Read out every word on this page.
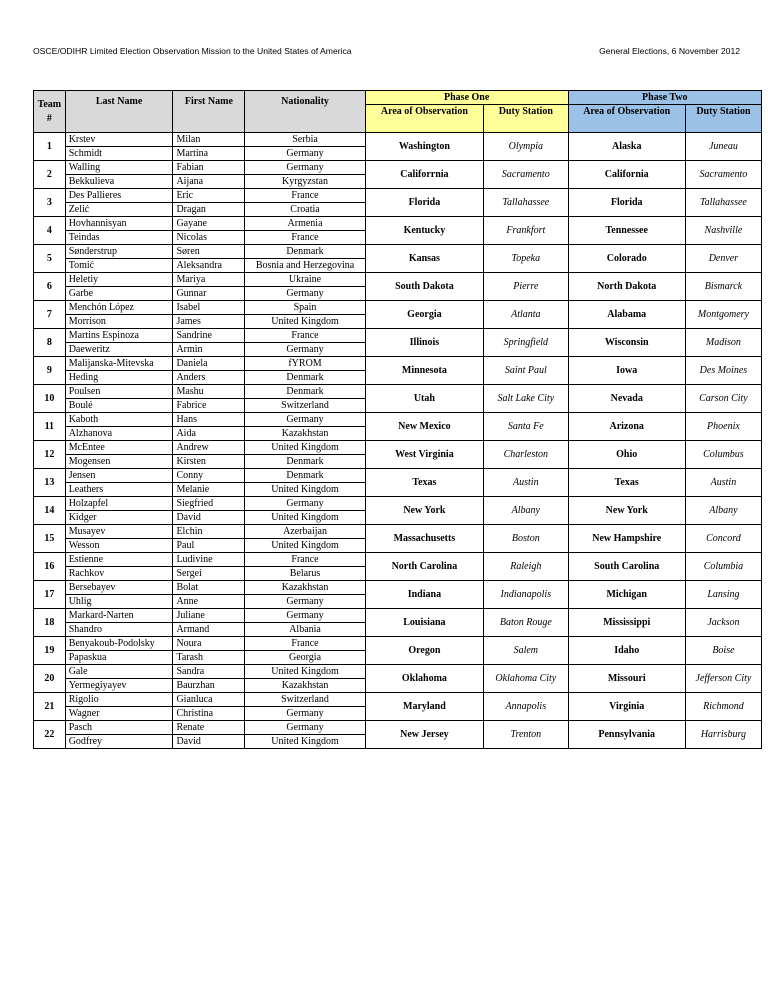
OSCE/ODIHR Limited Election Observation Mission to the United States of America	General Elections, 6 November 2012
Team #	Last Name	First Name	Nationality	Phase One		Phase Two	
				Area of Observation	Duty Station	Area of Observation	Duty Station
1	Krstev	Milan	Serbia	Washington	Olympia	Alaska	Juneau
	Schmidt	Martina	Germany				
2	Walling	Fabian	Germany	Califorrnia	Sacramento	California	Sacramento
	Bekkulieva	Aijana	Kyrgyzstan				
3	Des Pallieres	Eric	France	Florida	Tallahassee	Florida	Tallahassee
	Zelić	Dragan	Croatia				
4	Hovhannisyan	Gayane	Armenia	Kentucky	Frankfort	Tennessee	Nashville
	Teindas	Nicolas	France				
5	Sønderstrup	Søren	Denmark	Kansas	Topeka	Colorado	Denver
	Tomić	Aleksandra	Bosnia and Herzegovina				
6	Heletiy	Mariya	Ukraine	South Dakota	Pierre	North Dakota	Bismarck
	Garbe	Gunnar	Germany				
7	Menchón López	Isabel	Spain	Georgia	Atlanta	Alabama	Montgomery
	Morrison	James	United Kingdom				
8	Martins Espinoza	Sandrine	France	Illinois	Springfield	Wisconsin	Madison
	Daeweritz	Armin	Germany				
9	Malijanska-Mitevska	Daniela	fYROM	Minnesota	Saint Paul	Iowa	Des Moines
	Heding	Anders	Denmark				
10	Poulsen	Mashu	Denmark	Utah	Salt Lake City	Nevada	Carson City
	Boulé	Fabrice	Switzerland				
11	Kaboth	Hans	Germany	New Mexico	Santa Fe	Arizona	Phoenix
	Alzhanova	Aida	Kazakhstan				
12	McEntee	Andrew	United Kingdom	West Virginia	Charleston	Ohio	Columbus
	Mogensen	Kirsten	Denmark				
13	Jensen	Conny	Denmark	Texas	Austin	Texas	Austin
	Leathers	Melanie	United Kingdom				
14	Holzapfel	Siegfried	Germany	New York	Albany	New York	Albany
	Kidger	David	United Kingdom				
15	Musayev	Elchin	Azerbaijan	Massachusetts	Boston	New Hampshire	Concord
	Wesson	Paul	United Kingdom				
16	Estienne	Ludivine	France	North Carolina	Raleigh	South Carolina	Columbia
	Rachkov	Sergei	Belarus				
17	Bersebayev	Bolat	Kazakhstan	Indiana	Indianapolis	Michigan	Lansing
	Uhlig	Anne	Germany				
18	Markard-Narten	Juliane	Germany	Louisiana	Baton Rouge	Mississippi	Jackson
	Shandro	Armand	Albania				
19	Benyakoub-Podolsky	Noura	France	Oregon	Salem	Idaho	Boise
	Papaskua	Tarash	Georgia				
20	Gale	Sandra	United Kingdom	Oklahoma	Oklahoma City	Missouri	Jefferson City
	Yermegiyayev	Baurzhan	Kazakhstan				
21	Rigolio	Gianluca	Switzerland	Maryland	Annapolis	Virginia	Richmond
	Wagner	Christina	Germany				
22	Pasch	Renate	Germany	New Jersey	Trenton	Pennsylvania	Harrisburg
	Godfrey	David	United Kingdom				
